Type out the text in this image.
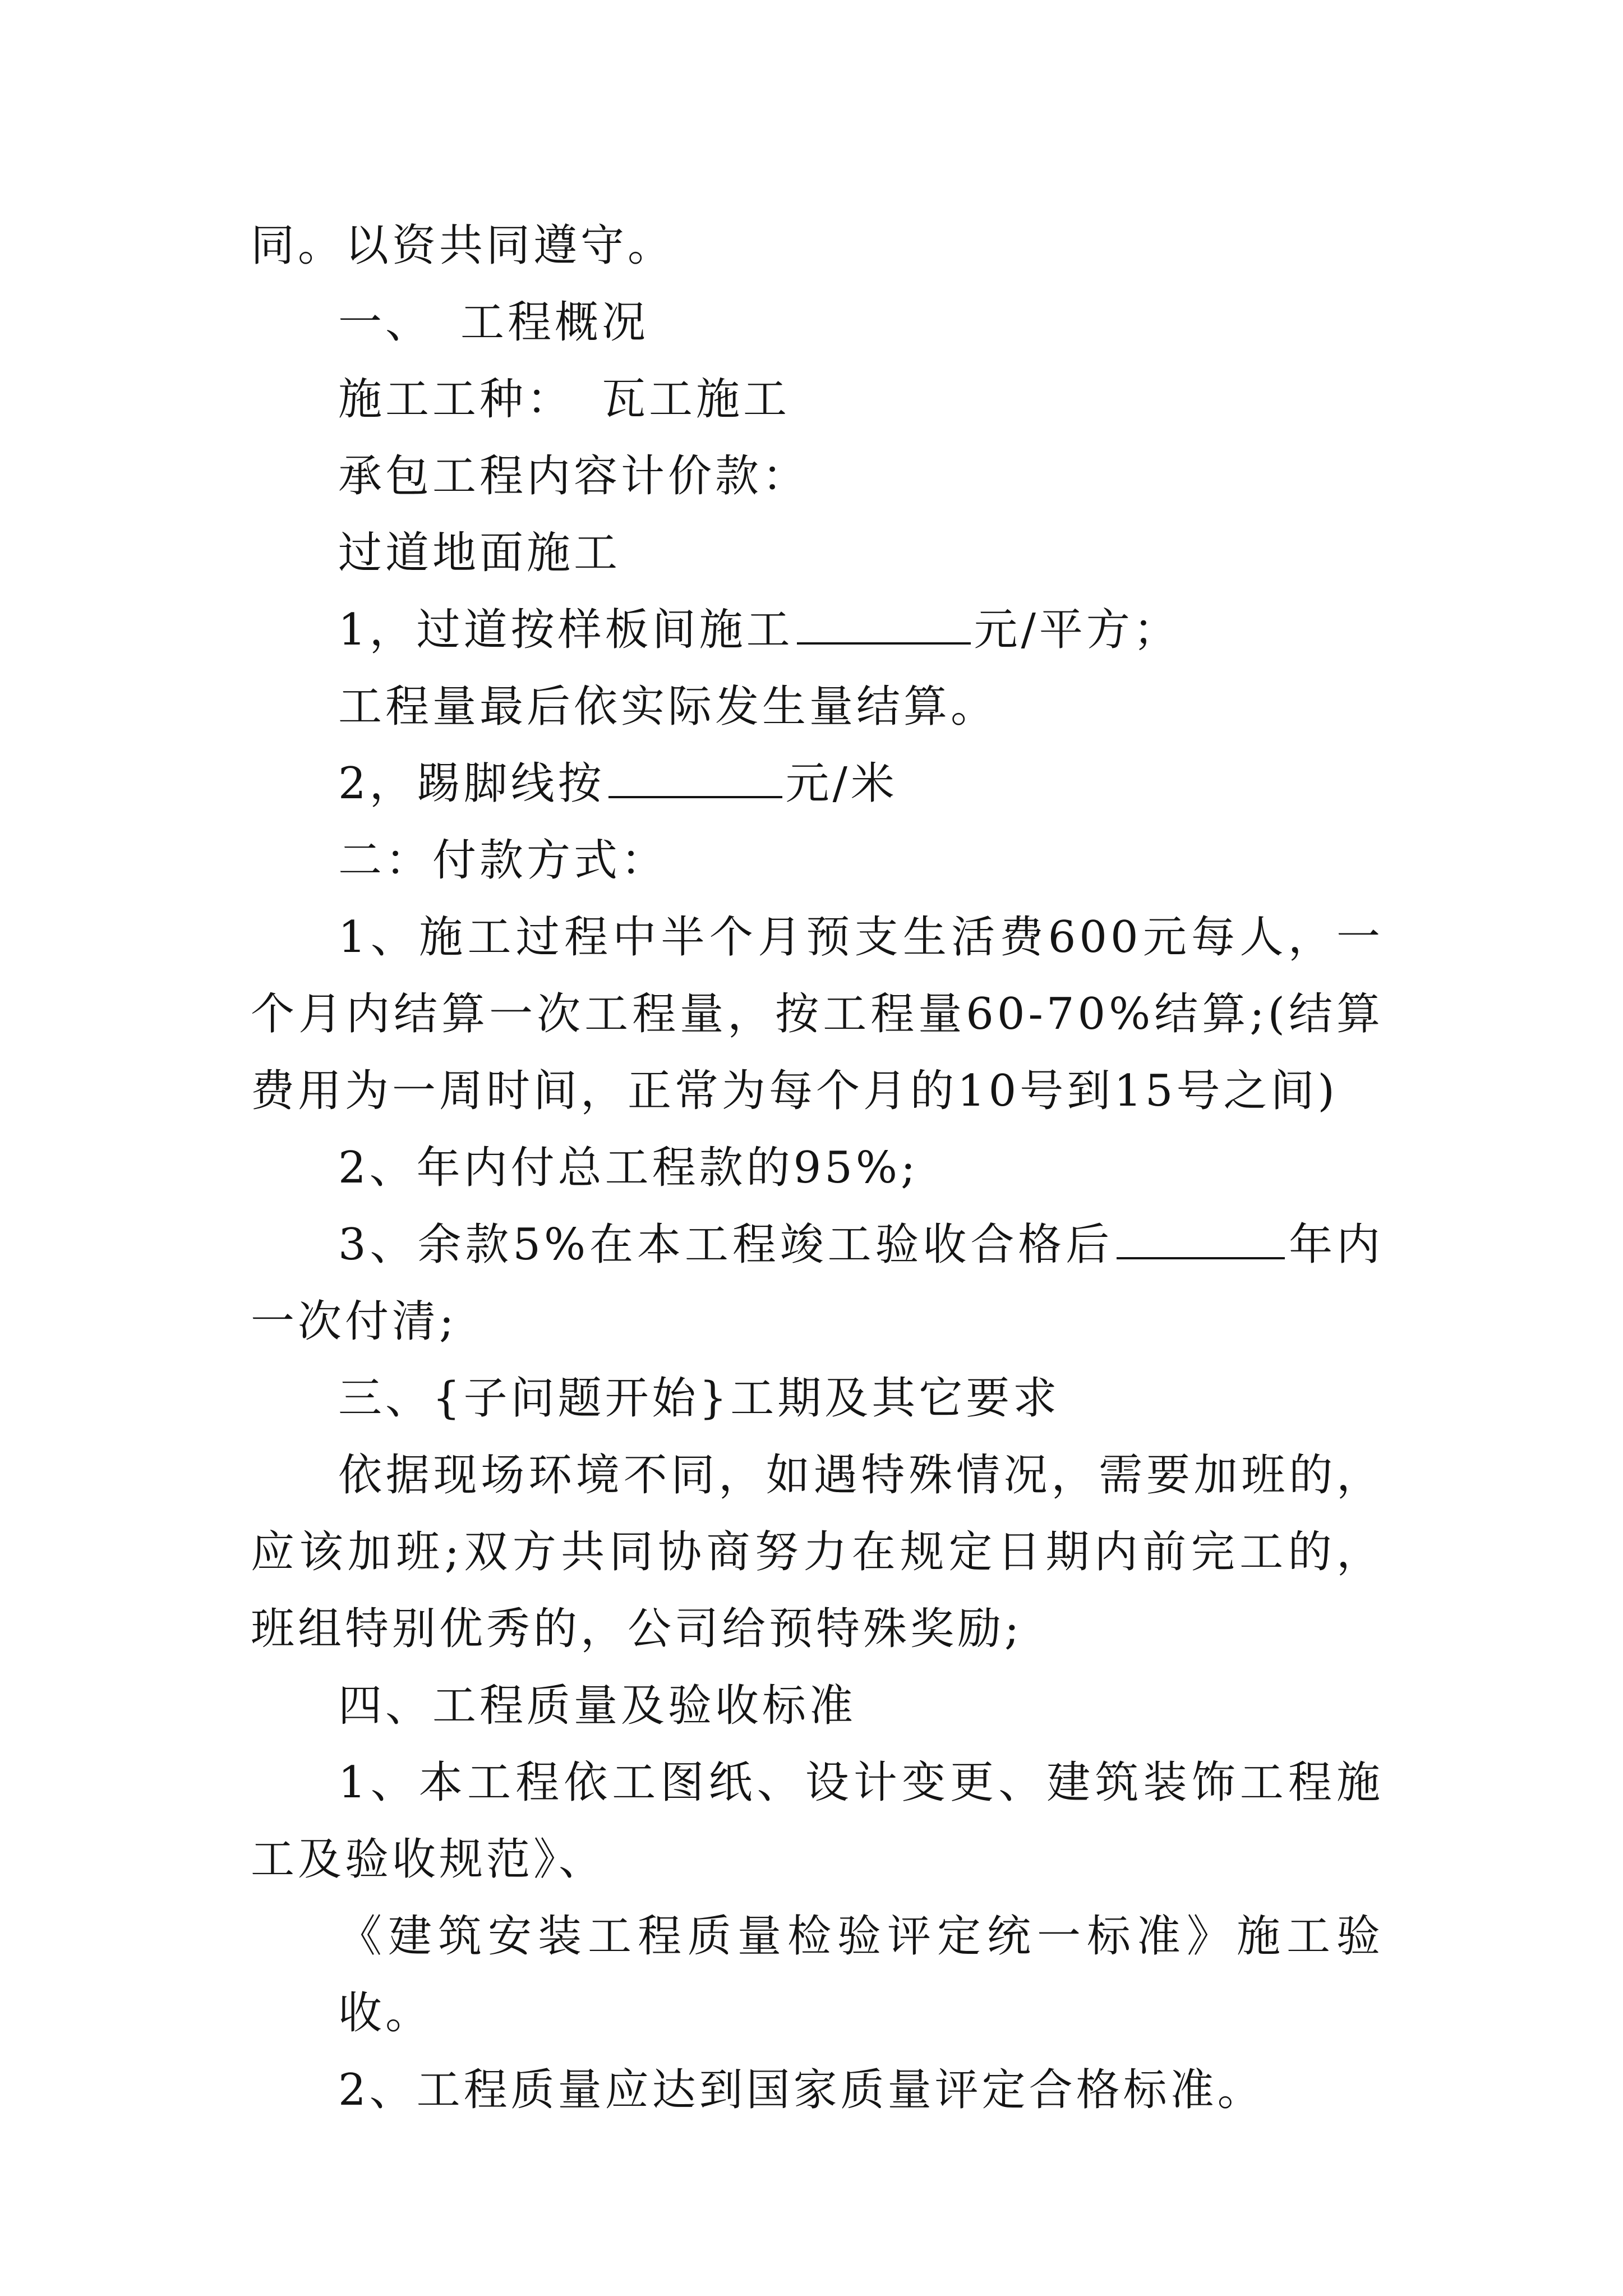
同。以资共同遵守。

一、 工程概况

施工工种： 瓦工施工

承包工程内容计价款：

过道地面施工

1，过道按样板间施工	元/平方；

工程量最后依实际发生量结算。

2，踢脚线按	元/米

二：付款方式：

1、施工过程中半个月预支生活费600元每人，一个月内结算一次工程量，按工程量60-70%结算;(结算费用为一周时间，正常为每个月的10号到15号之间)

2、年内付总工程款的95%;

3、余款5%在本工程竣工验收合格后	年内一次付清;

三、{子问题开始}工期及其它要求

依据现场环境不同，如遇特殊情况，需要加班的，应该加班;双方共同协商努力在规定日期内前完工的，班组特别优秀的，公司给预特殊奖励;

四、工程质量及验收标准

1、本工程依工图纸、设计变更、建筑装饰工程施工及验收规范》、

《建筑安装工程质量检验评定统一标准》施工验收。

2、工程质量应达到国家质量评定合格标准。
